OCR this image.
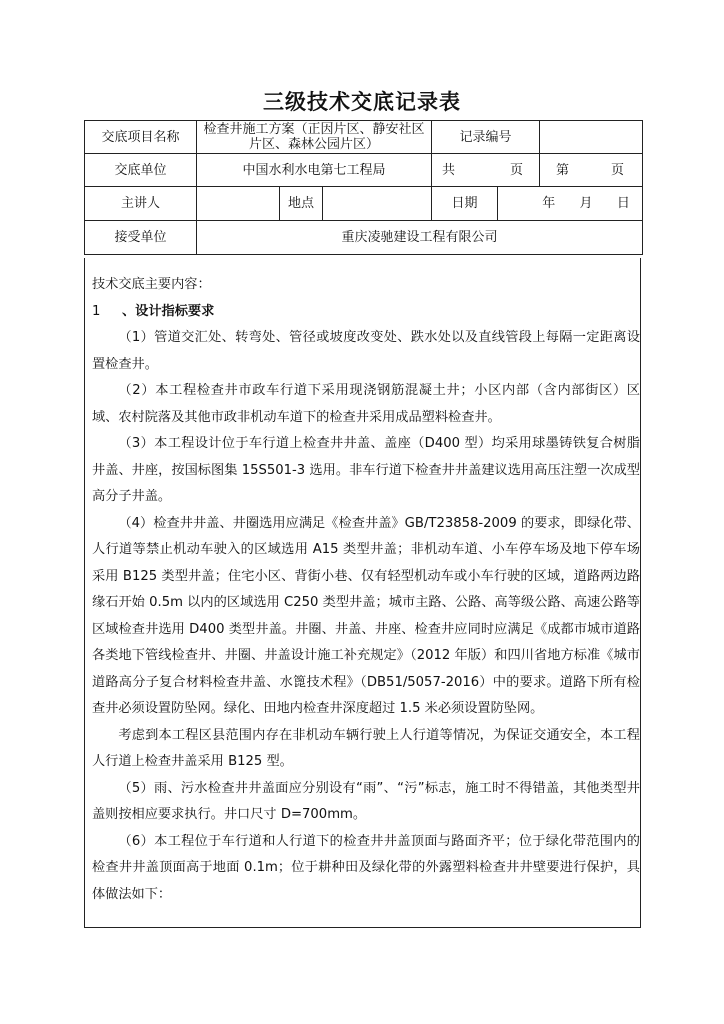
三级技术交底记录表
交底项目名称	检查井施工方案（正因片区、静安社区片区、森林公园片区）			记录编号		
交底单位	中国水利水电第七工程局			共 页		第 页

主讲人		地点		日期	年 月 日	
接受单位	重庆凌驰建设工程有限公司					

技术交底主要内容：

1 、设计指标要求

（1）管道交汇处、转弯处、管径或坡度改变处、跌水处以及直线管段上每隔一定距离设置检查井。

（2）本工程检查井市政车行道下采用现浇钢筋混凝土井；小区内部（含内部街区）区域、农村院落及其他市政非机动车道下的检查井采用成品塑料检查井。

（3）本工程设计位于车行道上检查井井盖、盖座（D400 型）均采用球墨铸铁复合树脂井盖、井座，按国标图集 15S501-3 选用。非车行道下检查井井盖建议选用高压注塑一次成型高分子井盖。

（4）检查井井盖、井圈选用应满足《检查井盖》GB/T23858-2009 的要求，即绿化带、人行道等禁止机动车驶入的区域选用 A15 类型井盖；非机动车道、小车停车场及地下停车场采用 B125 类型井盖；住宅小区、背街小巷、仅有轻型机动车或小车行驶的区域，道路两边路缘石开始 0.5m 以内的区域选用 C250 类型井盖；城市主路、公路、高等级公路、高速公路等区域检查井选用 D400 类型井盖。井圈、井盖、井座、检查井应同时应满足《成都市城市道路各类地下管线检查井、井圈、井盖设计施工补充规定》（2012 年版）和四川省地方标准《城市道路高分子复合材料检查井盖、水篦技术程》（DB51/5057-2016）中的要求。道路下所有检查井必须设置防坠网。绿化、田地内检查井深度超过 1.5 米必须设置防坠网。

考虑到本工程区县范围内存在非机动车辆行驶上人行道等情况，为保证交通安全，本工程人行道上检查井盖采用 B125 型。

（5）雨、污水检查井井盖面应分别设有“雨”、“污”标志，施工时不得错盖，其他类型井盖则按相应要求执行。井口尺寸 D=700mm。

（6）本工程位于车行道和人行道下的检查井井盖顶面与路面齐平；位于绿化带范围内的检查井井盖顶面高于地面 0.1m；位于耕种田及绿化带的外露塑料检查井井壁要进行保护，具体做法如下：
